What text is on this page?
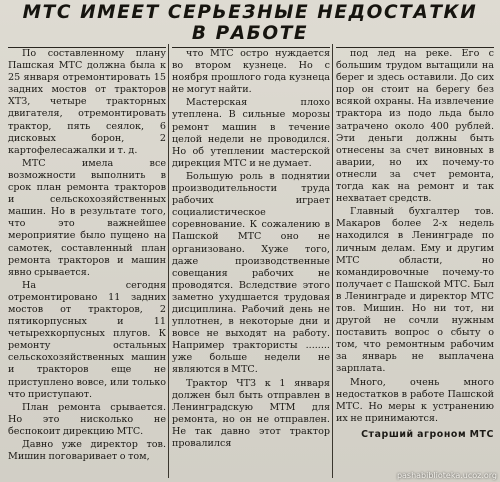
МТС ИМЕЕТ СЕРЬЕЗНЫЕ НЕДОСТАТКИ
В РАБОТЕ

По составленному плану Пашская МТС должна была к 25 января отремонтировать 15 задних мостов от тракторов ХТЗ, четыре тракторных двигателя, отремонтировать трактор, пять сеялок, 6 дисковых борон, 2 картофелесажалки и т. д.

МТС имела все возможности выполнить в срок план ремонта тракторов и сельскохозяйственных машин. Но в результате того, что это важнейшее мероприятие было пущено на самотек, составленный план ремонта тракторов и машин явно срывается.

На сегодня отремонтировано 11 задних мостов от тракторов, 2 пятикорпусных и 11 четырехкорпусных плугов. К ремонту остальных сельскохозяйственных машин и тракторов еще не приступлено вовсе, или только что приступают.

План ремонта срывается. Но это нисколько не беспокоит дирекцию МТС.

Давно уже директор тов. Мишин поговаривает о том,

что МТС остро нуждается во втором кузнеце. Но с ноября прошлого года кузнеца не могут найти.

Мастерская плохо утеплена. В сильные морозы ремонт машин в течение целой недели не проводился. Но об утеплении мастерской дирекция МТС и не думает.

Большую роль в поднятии производительности труда рабочих играет социалистическое соревнование. К сожалению в Пашской МТС оно не организовано. Хуже того, даже производственные совещания рабочих не проводятся. Вследствие этого заметно ухудшается трудовая дисциплина. Рабочий день не уплотнен, в некоторые дни и вовсе не выходят на работу. Например трактористы ........ уже больше недели не являются в МТС.

Трактор ЧТЗ к 1 января должен был быть отправлен в Ленинградскую МТМ для ремонта, но он не отправлен. Не так давно этот трактор провалился

под лед на реке. Его с большим трудом вытащили на берег и здесь оставили. До сих пор он стоит на берегу без всякой охраны. На извлечение трактора из подо льда было затрачено около 400 рублей. Эти деньги должны быть отнесены за счет виновных в аварии, но их почему-то отнесли за счет ремонта, тогда как на ремонт и так нехватает средств.

Главный бухгалтер тов. Макаров более 2-х недель находился в Ленинграде по личным делам. Ему и другим МТС области, но командировочные почему-то получает с Пашской МТС. Был в Ленинграде и директор МТС тов. Мишин. Но ни тот, ни другой не сочли нужным поставить вопрос о сбыту о том, что ремонтным рабочим за январь не выплачена зарплата.

Много, очень много недостатков в работе Пашской МТС. Но меры к устранению их не принимаются.

Старший агроном МТС
pashabiblioteka.ucoz.org
